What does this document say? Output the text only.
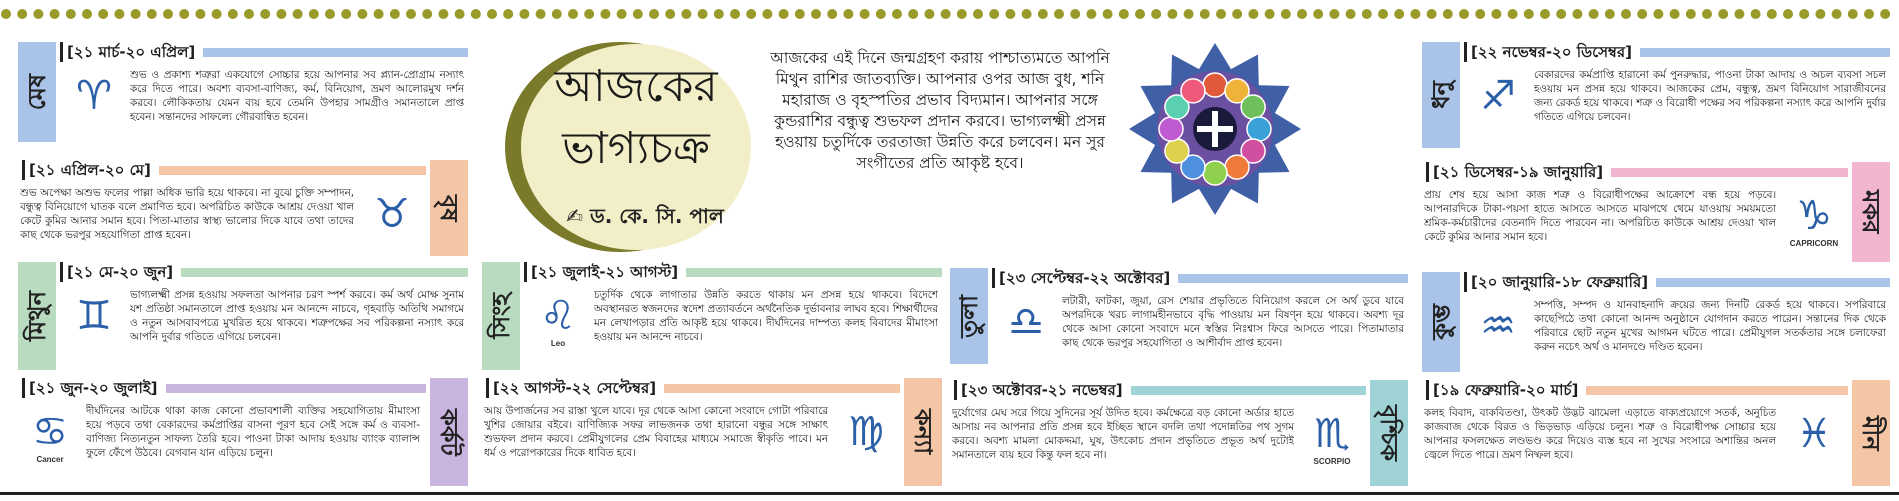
আজকের
ভাগ্যচক্র
✍ ড. কে. সি. পাল
আজকের এই দিনে জন্মগ্রহণ করায় পাশ্চাত্যমতে আপনি মিথুন রাশির জাতব্যক্তি। আপনার ওপর আজ বুধ, শনি মহারাজ ও বৃহস্পতির প্রভাব বিদ্যমান। আপনার সঙ্গে কুন্ডরাশির বন্ধুত্ব শুভফল প্রদান করবে। ভাগ্যলক্ষ্মী প্রসন্ন হওয়ায় চতুর্দিকে তরতাজা উন্নতি করে চলবেন। মন সুর সংগীতের প্রতি আকৃষ্ট হবে।
মেষ
[২১ মার্চ-২০ এপ্রিল]
♈ শুভ ও প্রকাশ্য শত্রুরা একযোগে সোচ্চার হয়ে আপনার সব প্ল্যান-প্রোগ্রাম নস্যাৎ করে দিতে পারে। অবশ্য ব্যবসা-বাণিজ্য, কর্ম, বিনিয়োগ, ভ্রমণ আলোরমুখ দর্শন করবে। লৌকিকতায় যেমন ব্যয় হবে তেমনি উপহার সামগ্রীও সমানতালে প্রাপ্ত হবেন। সন্তানদের সাফল্যে গৌরবান্বিত হবেন।
বৃষ
[২১ এপ্রিল-২০ মে]
♉
শুভ অপেক্ষা অশুভ ফলের পাল্লা অধিক ভারি হয়ে থাকবে। না বুঝে চুক্তি সম্পাদন, বন্ধুত্ব বিনিয়োগে ঘাতক বলে প্রমাণিত হবে। অপরিচিত কাউকে আশ্রয় দেওয়া খাল কেটে কুমির আনার সমান হবে। পিতা-মাতার স্বাস্থ্য ভালোর দিকে যাবে তথা তাদের কাছ থেকে ভরপুর সহযোগিতা প্রাপ্ত হবেন।
মিথুন
[২১ মে-২০ জুন]
♊ ভাগ্যলক্ষ্মী প্রসন্ন হওয়ায় সফলতা আপনার চরণ স্পর্শ করবে। কর্ম অর্থ মোক্ষ সুনাম যশ প্রতিষ্ঠা সমানতালে প্রাপ্ত হওয়ায় মন আনন্দে নাচবে, গৃহবাড়ি অতিথি সমাগমে ও নতুন আসবাবপত্রে মুখরিত হয়ে থাকবে। শত্রুপক্ষের সব পরিকল্পনা নস্যাৎ করে আপনি দুর্বার গতিতে এগিয়ে চলবেন।
কর্কট
[২১ জুন-২০ জুলাই]
♋
Cancer
দীর্ঘদিনের আটকে থাকা কাজ কোনো প্রভাবশালী ব্যক্তির সহযোগিতায় মীমাংসা হয়ে পড়বে তথা বেকারদের কর্মপ্রাপ্তির বাসনা পূরণ হবে সেই সঙ্গে কর্ম ও ব্যবসা-বাণিজ্য নিত্যনতুন সাফল্য তৈরি হবে। পাওনা টাকা আদায় হওয়ায় ব্যাংক ব্যালান্স ফুলে ফেঁপে উঠবে। বেগবান যান এড়িয়ে চলুন।
সিংহ
[২১ জুলাই-২১ আগস্ট]
♌
Leo
চতুর্দিক থেকে লাগাতার উন্নতি করতে থাকায় মন প্রসন্ন হয়ে থাকবে। বিদেশে অবস্থানরত স্বজনদের স্বদেশ প্রত্যাবর্তনে অর্থনৈতিক দুর্ভাবনার লাঘব হবে। শিক্ষার্থীদের মন লেখাপড়ার প্রতি আকৃষ্ট হয়ে থাকবে। দীর্ঘদিনের দাম্পত্য কলহ বিবাদের মীমাংসা হওয়ায় মন আনন্দে নাচবে।
কন্যা
[২২ আগস্ট-২২ সেপ্টেম্বর]
♍
আয় উপার্জনের সব রাস্তা খুলে যাবে। দূর থেকে আসা কোনো সংবাদে গোটা পরিবারে খুশির জোয়ার বইবে। বাণিজ্যিক সফর লাভজনক তথা হারানো বন্ধুর সঙ্গে সাক্ষাৎ শুভফল প্রদান করবে। প্রেমীযুগলের প্রেম বিবাহের মাধ্যমে সমাজে স্বীকৃতি পাবে। মন ধর্ম ও পরোপকারের দিকে ধাবিত হবে।
তুলা
[২৩ সেপ্টেম্বর-২২ অক্টোবর]
♎ লটারী, ফাটকা, জুয়া, রেস শেয়ার প্রভৃতিতে বিনিয়োগ করলে সে অর্থ ডুবে যাবে অপরদিকে খরচ লাগামহীনভাবে বৃদ্ধি পাওয়ায় মন বিষণ্ন হয়ে থাকবে। অবশ্য দূর থেকে আসা কোনো সংবাদে মনে স্বস্তির নিঃশ্বাস ফিরে আসতে পারে। পিতামাতার কাছ থেকে ভরপুর সহযোগিতা ও আশীর্বাদ প্রাপ্ত হবেন।
বৃশ্চিক
[২৩ অক্টোবর-২১ নভেম্বর]
♏
SCORPIO
দুর্যোগের মেঘ সরে গিয়ে সুদিনের সূর্য উদিত হবে। কর্মক্ষেত্রে বড় কোনো অর্ডার হাতে আসায় নব আপনার প্রতি প্রসন্ন হবে ইচ্ছিত স্থানে বদলি তথা পদোন্নতির পথ সুগম করবে। অবশ্য মামলা মোকদ্দমা, ঘুষ, উৎকোচ প্রদান প্রভৃতিতে প্রভূত অর্থ দুটোই সমানতালে ব্যয় হবে কিন্তু ফল হবে না।
ধনু
[২২ নভেম্বর-২০ ডিসেম্বর]
♐ বেকারদের কর্মপ্রাপ্তি হারানো কর্ম পুনরুদ্ধার, পাওনা টাকা আদায় ও অচল ব্যবসা সচল হওয়ায় মন প্রসন্ন হয়ে থাকবে। আজকের প্রেম, বন্ধুত্ব, ভ্রমণ বিনিয়োগ সারাজীবনের জন্য রেকর্ড হয়ে থাকবে। শত্রু ও বিরোধী পক্ষের সব পরিকল্পনা নস্যাৎ করে আপনি দুর্বার গতিতে এগিয়ে চলবেন।
মকর
[২১ ডিসেম্বর-১৯ জানুয়ারি]
♑
CAPRICORN
প্রায় শেষ হয়ে আসা কাজ শত্রু ও বিরোধীপক্ষের আক্রোশে বন্ধ হয়ে পড়বে। আপনারদিকে টাকা-পয়সা হাতে আসতে আসতে মাঝপথে থেমে যাওয়ায় সময়মতো শ্রমিক-কর্মচারীদের বেতনাদি দিতে পারবেন না। অপরিচিত কাউকে আশ্রয় দেওয়া খাল কেটে কুমির আনার সমান হবে।
কুম্ভ
[২০ জানুয়ারি-১৮ ফেব্রুয়ারি]
♒ সম্পত্তি, সম্পদ ও যানবাহনাদি ক্রয়ের জন্য দিনটি রেকর্ড হয়ে থাকবে। সপরিবারে কাছেপিঠে তথা কোনো আনন্দ অনুষ্ঠানে যোগদান করতে পারেন। সন্তানের দিক থেকে পরিবারে ছোট নতুন মুখের আগমন ঘটতে পারে। প্রেমীযুগল সতর্কতার সঙ্গে চলাফেরা করুন নচেৎ অর্থ ও মানদণ্ডে দণ্ডিত হবেন।
মীন
[১৯ ফেব্রুয়ারি-২০ মার্চ]
♓
কলহ বিবাদ, বাকবিতণ্ডা, উৎকট উদ্ভট ঝামেলা এড়াতে বাক্যপ্রয়োগে সতর্ক, অনুচিত কাজবাজ থেকে বিরত ও ভিড়ভাড় এড়িয়ে চলুন। শত্রু ও বিরোধীপক্ষ সোচ্চার হয়ে আপনার ফসলক্ষেত লণ্ডভণ্ড করে দিয়েও ব্যস্ত হবে না সুখের সংসারে অশান্তির অনল জ্বেলে দিতে পারে। ভ্রমণ নিষ্ফল হবে।
